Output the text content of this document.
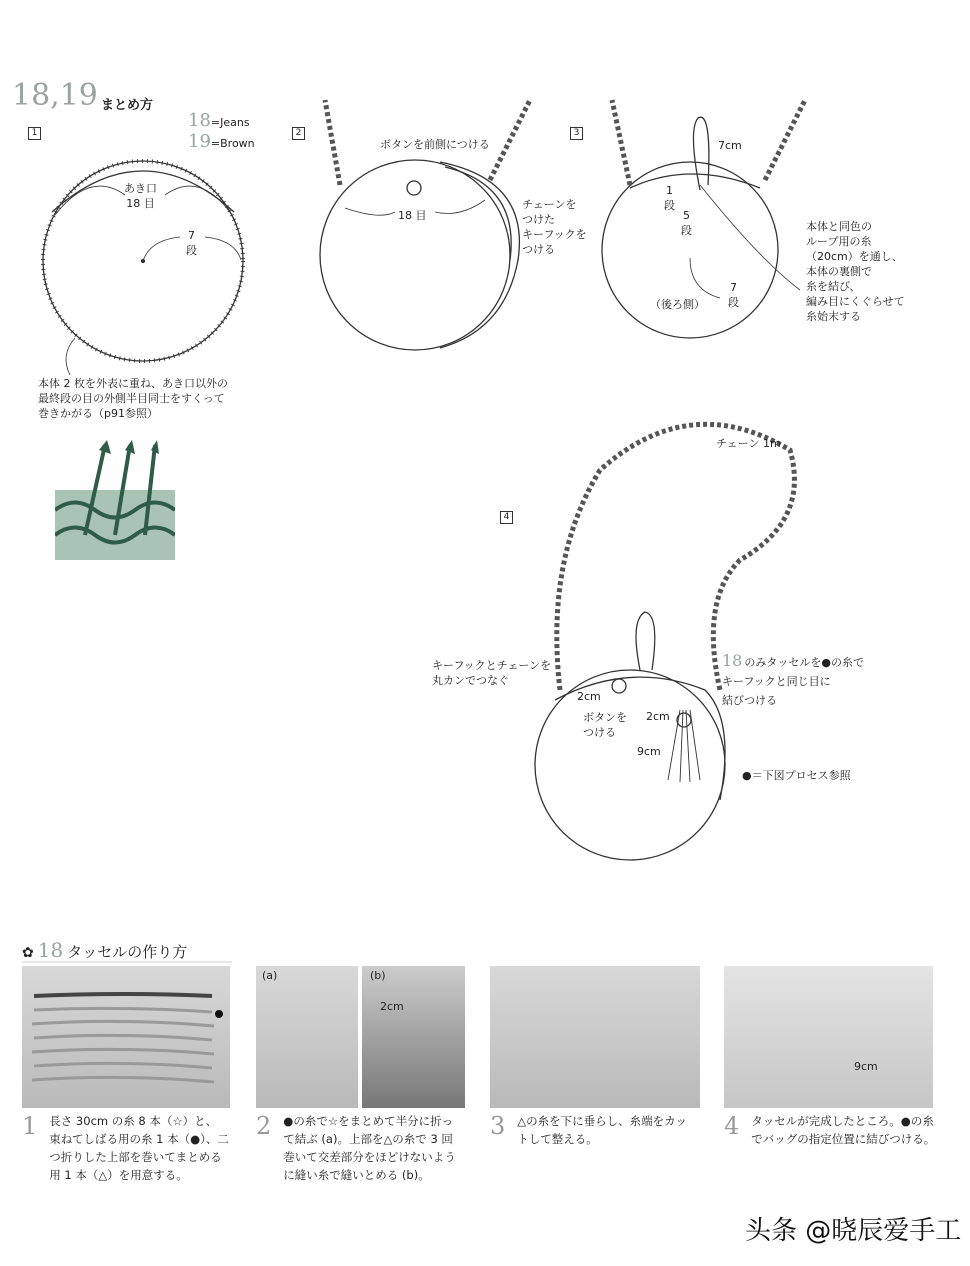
18,19 まとめ方
18=Jeans
19=Brown
1	2	3
4
あき口
18 目
7
段
本体 2 枚を外表に重ね、あき口以外の
最終段の目の外側半目同士をすくって
巻きかがる（p91参照）
ボタンを前側につける
18 目
チェーンを
つけた
キーフックを
つける
7cm
1
段
5
段
7
段
（後ろ側）
本体と同色の
ループ用の糸
（20cm）を通し、
本体の裏側で
糸を結び、
編み目にくぐらせて
糸始末する
チェーン 1m
キーフックとチェーンを
丸カンでつなぐ
2cm
ボタンを
つける
2cm
9cm
18 のみタッセルを●の糸で
キーフックと同じ目に
結びつける
●＝下図プロセス参照
✿ 18 タッセルの作り方
(a)	(b)
2cm
9cm
1 長さ 30cm の糸 8 本（☆）と、
束ねてしばる用の糸 1 本（●）、二
つ折りした上部を巻いてまとめる
用 1 本（△）を用意する。
2 ●の糸で☆をまとめて半分に折っ
て結ぶ (a)。上部を△の糸で 3 回
巻いて交差部分をほどけないよう
に縫い糸で縫いとめる (b)。
3 △の糸を下に垂らし、糸端をカッ
トして整える。	4 タッセルが完成したところ。●の糸
でバッグの指定位置に結びつける。
头条 @晓辰爱手工
